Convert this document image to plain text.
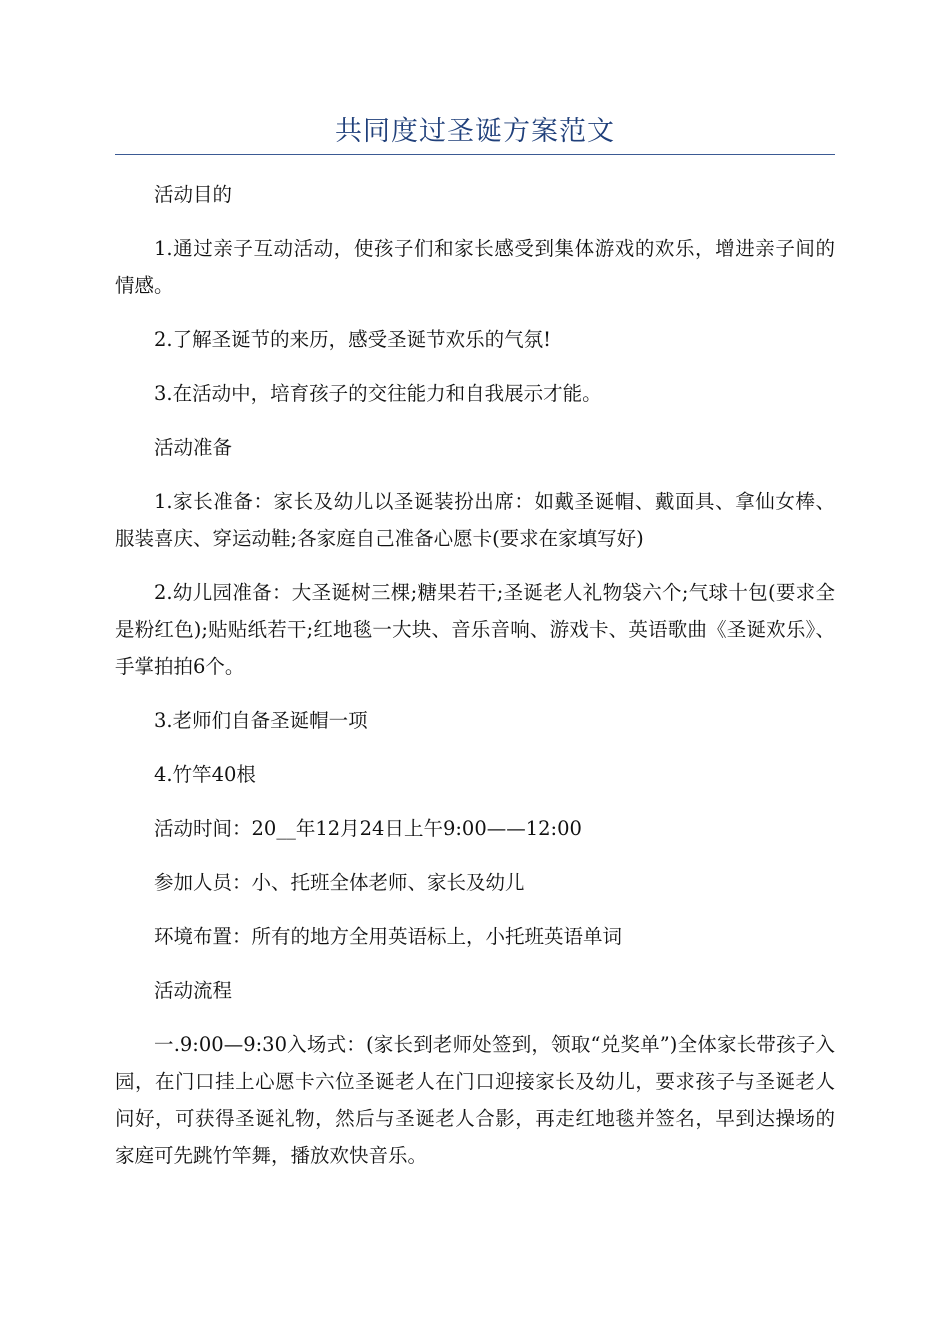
共同度过圣诞方案范文

活动目的

1.通过亲子互动活动，使孩子们和家长感受到集体游戏的欢乐，增进亲子间的情感。

2.了解圣诞节的来历，感受圣诞节欢乐的气氛!

3.在活动中，培育孩子的交往能力和自我展示才能。

活动准备

1.家长准备：家长及幼儿以圣诞装扮出席：如戴圣诞帽、戴面具、拿仙女棒、服装喜庆、穿运动鞋;各家庭自己准备心愿卡(要求在家填写好)

2.幼儿园准备：大圣诞树三棵;糖果若干;圣诞老人礼物袋六个;气球十包(要求全是粉红色);贴贴纸若干;红地毯一大块、音乐音响、游戏卡、英语歌曲《圣诞欢乐》、手掌拍拍6个。

3.老师们自备圣诞帽一项

4.竹竿40根

活动时间：20__年12月24日上午9:00——12:00

参加人员：小、托班全体老师、家长及幼儿

环境布置：所有的地方全用英语标上，小托班英语单词

活动流程

一.9:00—9:30入场式：(家长到老师处签到，领取“兑奖单”)全体家长带孩子入园，在门口挂上心愿卡六位圣诞老人在门口迎接家长及幼儿，要求孩子与圣诞老人问好，可获得圣诞礼物，然后与圣诞老人合影，再走红地毯并签名，早到达操场的家庭可先跳竹竿舞，播放欢快音乐。
